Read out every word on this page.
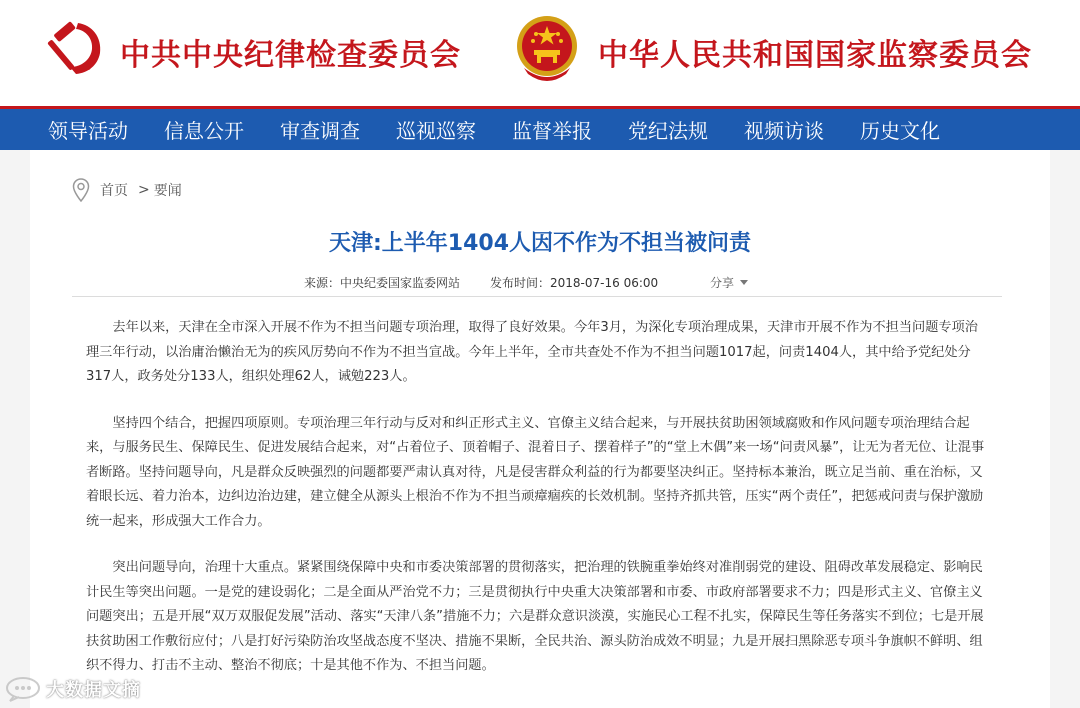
中共中央纪律检查委员会	中华人民共和国国家监察委员会
领导活动 信息公开 审查调查 巡视巡察 监督举报 党纪法规 视频访谈 历史文化
首页 > 要闻
天津:上半年1404人因不作为不担当被问责
来源：中央纪委国家监委网站	发布时间：2018-07-16 06:00	分享

去年以来，天津在全市深入开展不作为不担当问题专项治理，取得了良好效果。今年3月，为深化专项治理成果，天津市开展不作为不担当问题专项治理三年行动，以治庸治懒治无为的疾风厉势向不作为不担当宣战。今年上半年，全市共查处不作为不担当问题1017起，问责1404人，其中给予党纪处分317人，政务处分133人，组织处理62人，诫勉223人。

坚持四个结合，把握四项原则。专项治理三年行动与反对和纠正形式主义、官僚主义结合起来，与开展扶贫助困领域腐败和作风问题专项治理结合起来，与服务民生、保障民生、促进发展结合起来，对“占着位子、顶着帽子、混着日子、摆着样子”的“堂上木偶”来一场“问责风暴”，让无为者无位、让混事者断路。坚持问题导向，凡是群众反映强烈的问题都要严肃认真对待，凡是侵害群众利益的行为都要坚决纠正。坚持标本兼治，既立足当前、重在治标，又着眼长远、着力治本，边纠边治边建，建立健全从源头上根治不作为不担当顽瘴痼疾的长效机制。坚持齐抓共管，压实“两个责任”，把惩戒问责与保护激励统一起来，形成强大工作合力。

突出问题导向，治理十大重点。紧紧围绕保障中央和市委决策部署的贯彻落实，把治理的铁腕重拳始终对准削弱党的建设、阻碍改革发展稳定、影响民计民生等突出问题。一是党的建设弱化；二是全面从严治党不力；三是贯彻执行中央重大决策部署和市委、市政府部署要求不力；四是形式主义、官僚主义问题突出；五是开展“双万双服促发展”活动、落实“天津八条”措施不力；六是群众意识淡漠，实施民心工程不扎实，保障民生等任务落实不到位；七是开展扶贫助困工作敷衍应付；八是打好污染防治攻坚战态度不坚决、措施不果断，全民共治、源头防治成效不明显；九是开展扫黑除恶专项斗争旗帜不鲜明、组织不得力、打击不主动、整治不彻底；十是其他不作为、不担当问题。

大数据文摘
